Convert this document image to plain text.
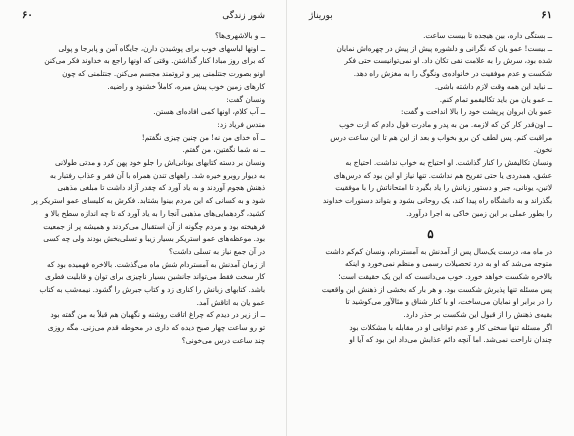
۶۰	شور زندگی

ــ و بالاشهری‌ها؟

ــ اونها لباسهای خوب برای پوشیدن دارن، جایگاه آمن و پابرجا و پولی

که برای روز مبادا کنار گذاشتن. وقتی که اونها راجع به خداوند فکر می‌کنن

اونو بصورت جنتلمنی پیر و ثروتمند مجسم می‌کنن. جنتلمنی که چون

کارهای زمین خوب پیش میره، کاملاً خشنود و راضیه.

ونسان گفت:

ــ آب کلام، اونها کمی افاده‌ای هستن.

مندس فریاد زد:

ــ آه خدای من نه! من چنین چیزی نگفتم!

ــ نه شما نگفتین، من گفتم.

ونسان بر دسته کتابهای یونانی‌اش را جلو خود پهن کرد و مدتی طولانی

به دیوار روبرو خیره شد. راههای تندن همراه با آن فقر و عذاب رفتبار به

ذهنش هجوم آوردند و به یاد آورد که چقدر آزاد داشت تا مبلغی مذهبی

شود و به کسانی که این مردم بینوا بشتابد. فکرش به کلیسای عمو استریکر پر

کشید، گردهمایی‌های مذهبی آنجا را به یاد آورد که تا چه اندازه سطح بالا و

فرهیخته بود و مردم چگونه از آن استقبال می‌کردند و همیشه پر از جمعیت

بود. موعظه‌های عمو استریکر بسیار زیبا و تسلی‌بخش بودند ولی چه کسی

در آن جمع نیاز به تسلی داشت؟

از زمان آمدنش به آمستردام شش ماه می‌گذشت. بالاخره فهمیده بود که

کار سخت فقط می‌تواند جانشین بسیار ناچیزی برای توان و قابلیت فطری

باشد. کتابهای زبانش را کناری زد و کتاب جبرش را گشود. نیمه‌شب به کتاب

عمو یان به اتاقش آمد.

ــ از زیر در دیدم که چراغ اتاقت روشنه و نگهبان هم قبلاً به من گفته بود

تو رو ساعت چهار صبح دیده که داری در محوطه قدم می‌زنی. مگه روزی

چند ساعت درس می‌خونی؟

بوریناژ	۶۱

ــ بستگی داره، بین هیجده تا بیست ساعت.

ــ بیست! عمو یان که نگرانی و دلشوره پیش از پیش در چهره‌اش نمایان

شده بود، سرش را به علامت نفی تکان داد. او نمی‌توانیست حتی فکر

شکست و عدم موفقیت در خانواده‌ی ونگوگ را به مغزش راه دهد.

ــ نباید این همه وقت لازم داشته باشی.

ــ عمو یان من باید تکالیفمو تمام کنم.

عمو یان ابروان پرپشت خود را بالا انداخت و گفت:

ــ اون‌قدر کار کن که لازمه. من به پدر و مادرت قول دادم که ازت خوب

مراقبت کنم. پس لطف کن برو بخواب و بعد از این هم تا این ساعت درس

نخون.

ونسان تکالیفش را کنار گذاشت. او احتیاج به خواب نداشت. احتیاج به

عشق، همدردی یا حتی تفریح هم نداشت. تنها نیاز او این بود که درس‌های

لاتین، یونانی، جبر و دستور زبانش را یاد بگیرد تا امتحاناتش را با موفقیت

بگذراند و به دانشگاه راه پیدا کند، یک روحانی بشود و بتواند دستورات خداوند

را بطور عملی بر این زمین خاکی به اجرا درآورد.

۵

در ماه مه، درست یک‌سال پس از آمدنش به آمستردام، ونسان کم‌کم داشت

متوجه می‌شد که او به درد تحصیلات رسمی و منظم نمی‌خورد و اینکه

بالاخره شکست خواهد خورد. خوب می‌دانست که این یک حقیقت است؛

پس مسئله تنها پذیرش شکست بود. و هر بار که بخشی از ذهنش این واقعیت

را در برابر او نمایان می‌ساخت، او با کنار شناق و مثالآور می‌کوشید تا

بقیه‌ی ذهنش را از قبول این شکست بر حذر دارد.

اگر مسئله تنها سختی کار و عدم توانایی او در مقابله با مشکلات بود

چندان ناراحت نمی‌شد. اما آنچه دائم عذابش می‌داد این بود که آیا او
